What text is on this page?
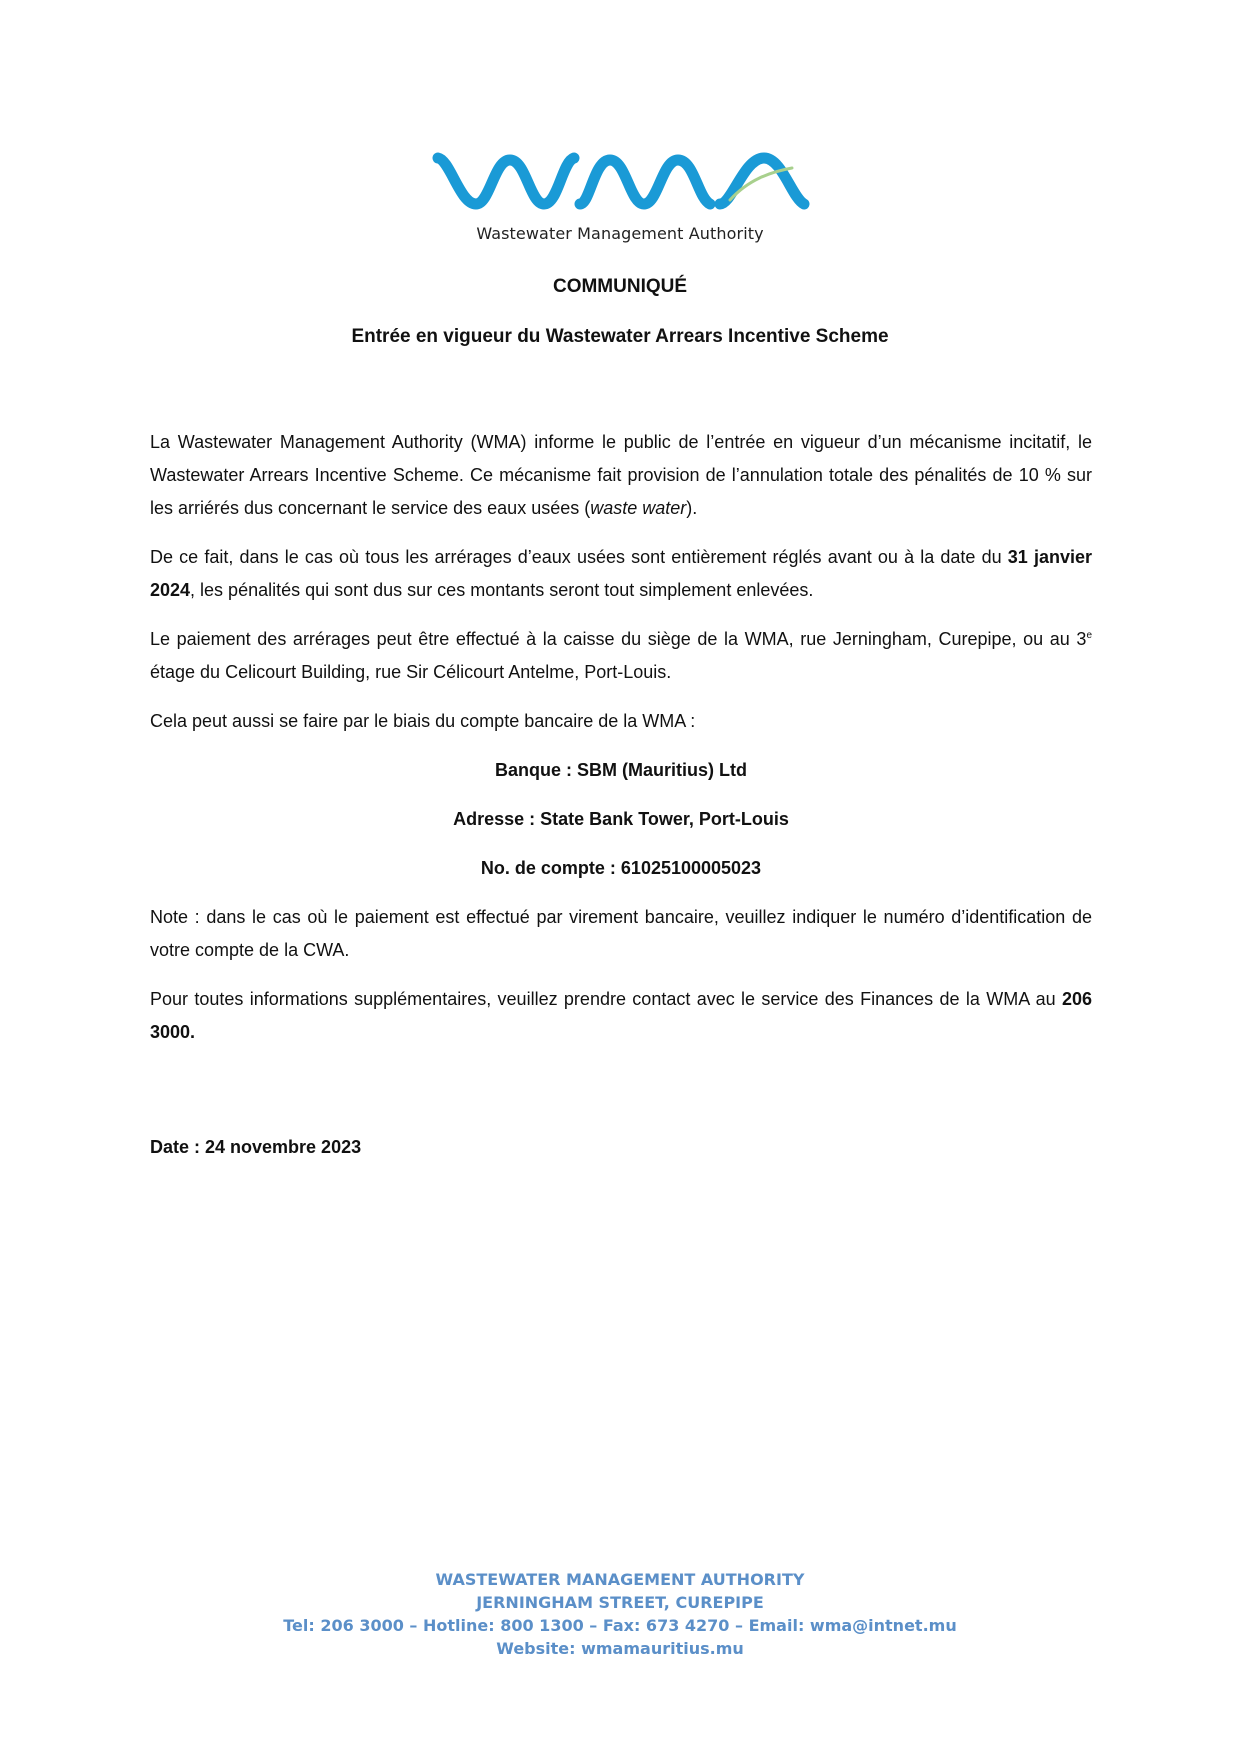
Wastewater Management Authority
COMMUNIQUÉ
Entrée en vigueur du Wastewater Arrears Incentive Scheme

La Wastewater Management Authority (WMA) informe le public de l’entrée en vigueur d’un mécanisme incitatif, le Wastewater Arrears Incentive Scheme. Ce mécanisme fait provision de l’annulation totale des pénalités de 10 % sur les arriérés dus concernant le service des eaux usées (waste water).

De ce fait, dans le cas où tous les arrérages d’eaux usées sont entièrement réglés avant ou à la date du 31 janvier 2024, les pénalités qui sont dus sur ces montants seront tout simplement enlevées.

Le paiement des arrérages peut être effectué à la caisse du siège de la WMA, rue Jerningham, Curepipe, ou au 3e étage du Celicourt Building, rue Sir Célicourt Antelme, Port-Louis.

Cela peut aussi se faire par le biais du compte bancaire de la WMA :

Banque : SBM (Mauritius) Ltd

Adresse : State Bank Tower, Port-Louis

No. de compte : 61025100005023

Note : dans le cas où le paiement est effectué par virement bancaire, veuillez indiquer le numéro d’identification de votre compte de la CWA.

Pour toutes informations supplémentaires, veuillez prendre contact avec le service des Finances de la WMA au 206 3000.

Date : 24 novembre 2023

WASTEWATER MANAGEMENT AUTHORITY
JERNINGHAM STREET, CUREPIPE
Tel: 206 3000 – Hotline: 800 1300 – Fax: 673 4270 – Email: wma@intnet.mu
Website: wmamauritius.mu
